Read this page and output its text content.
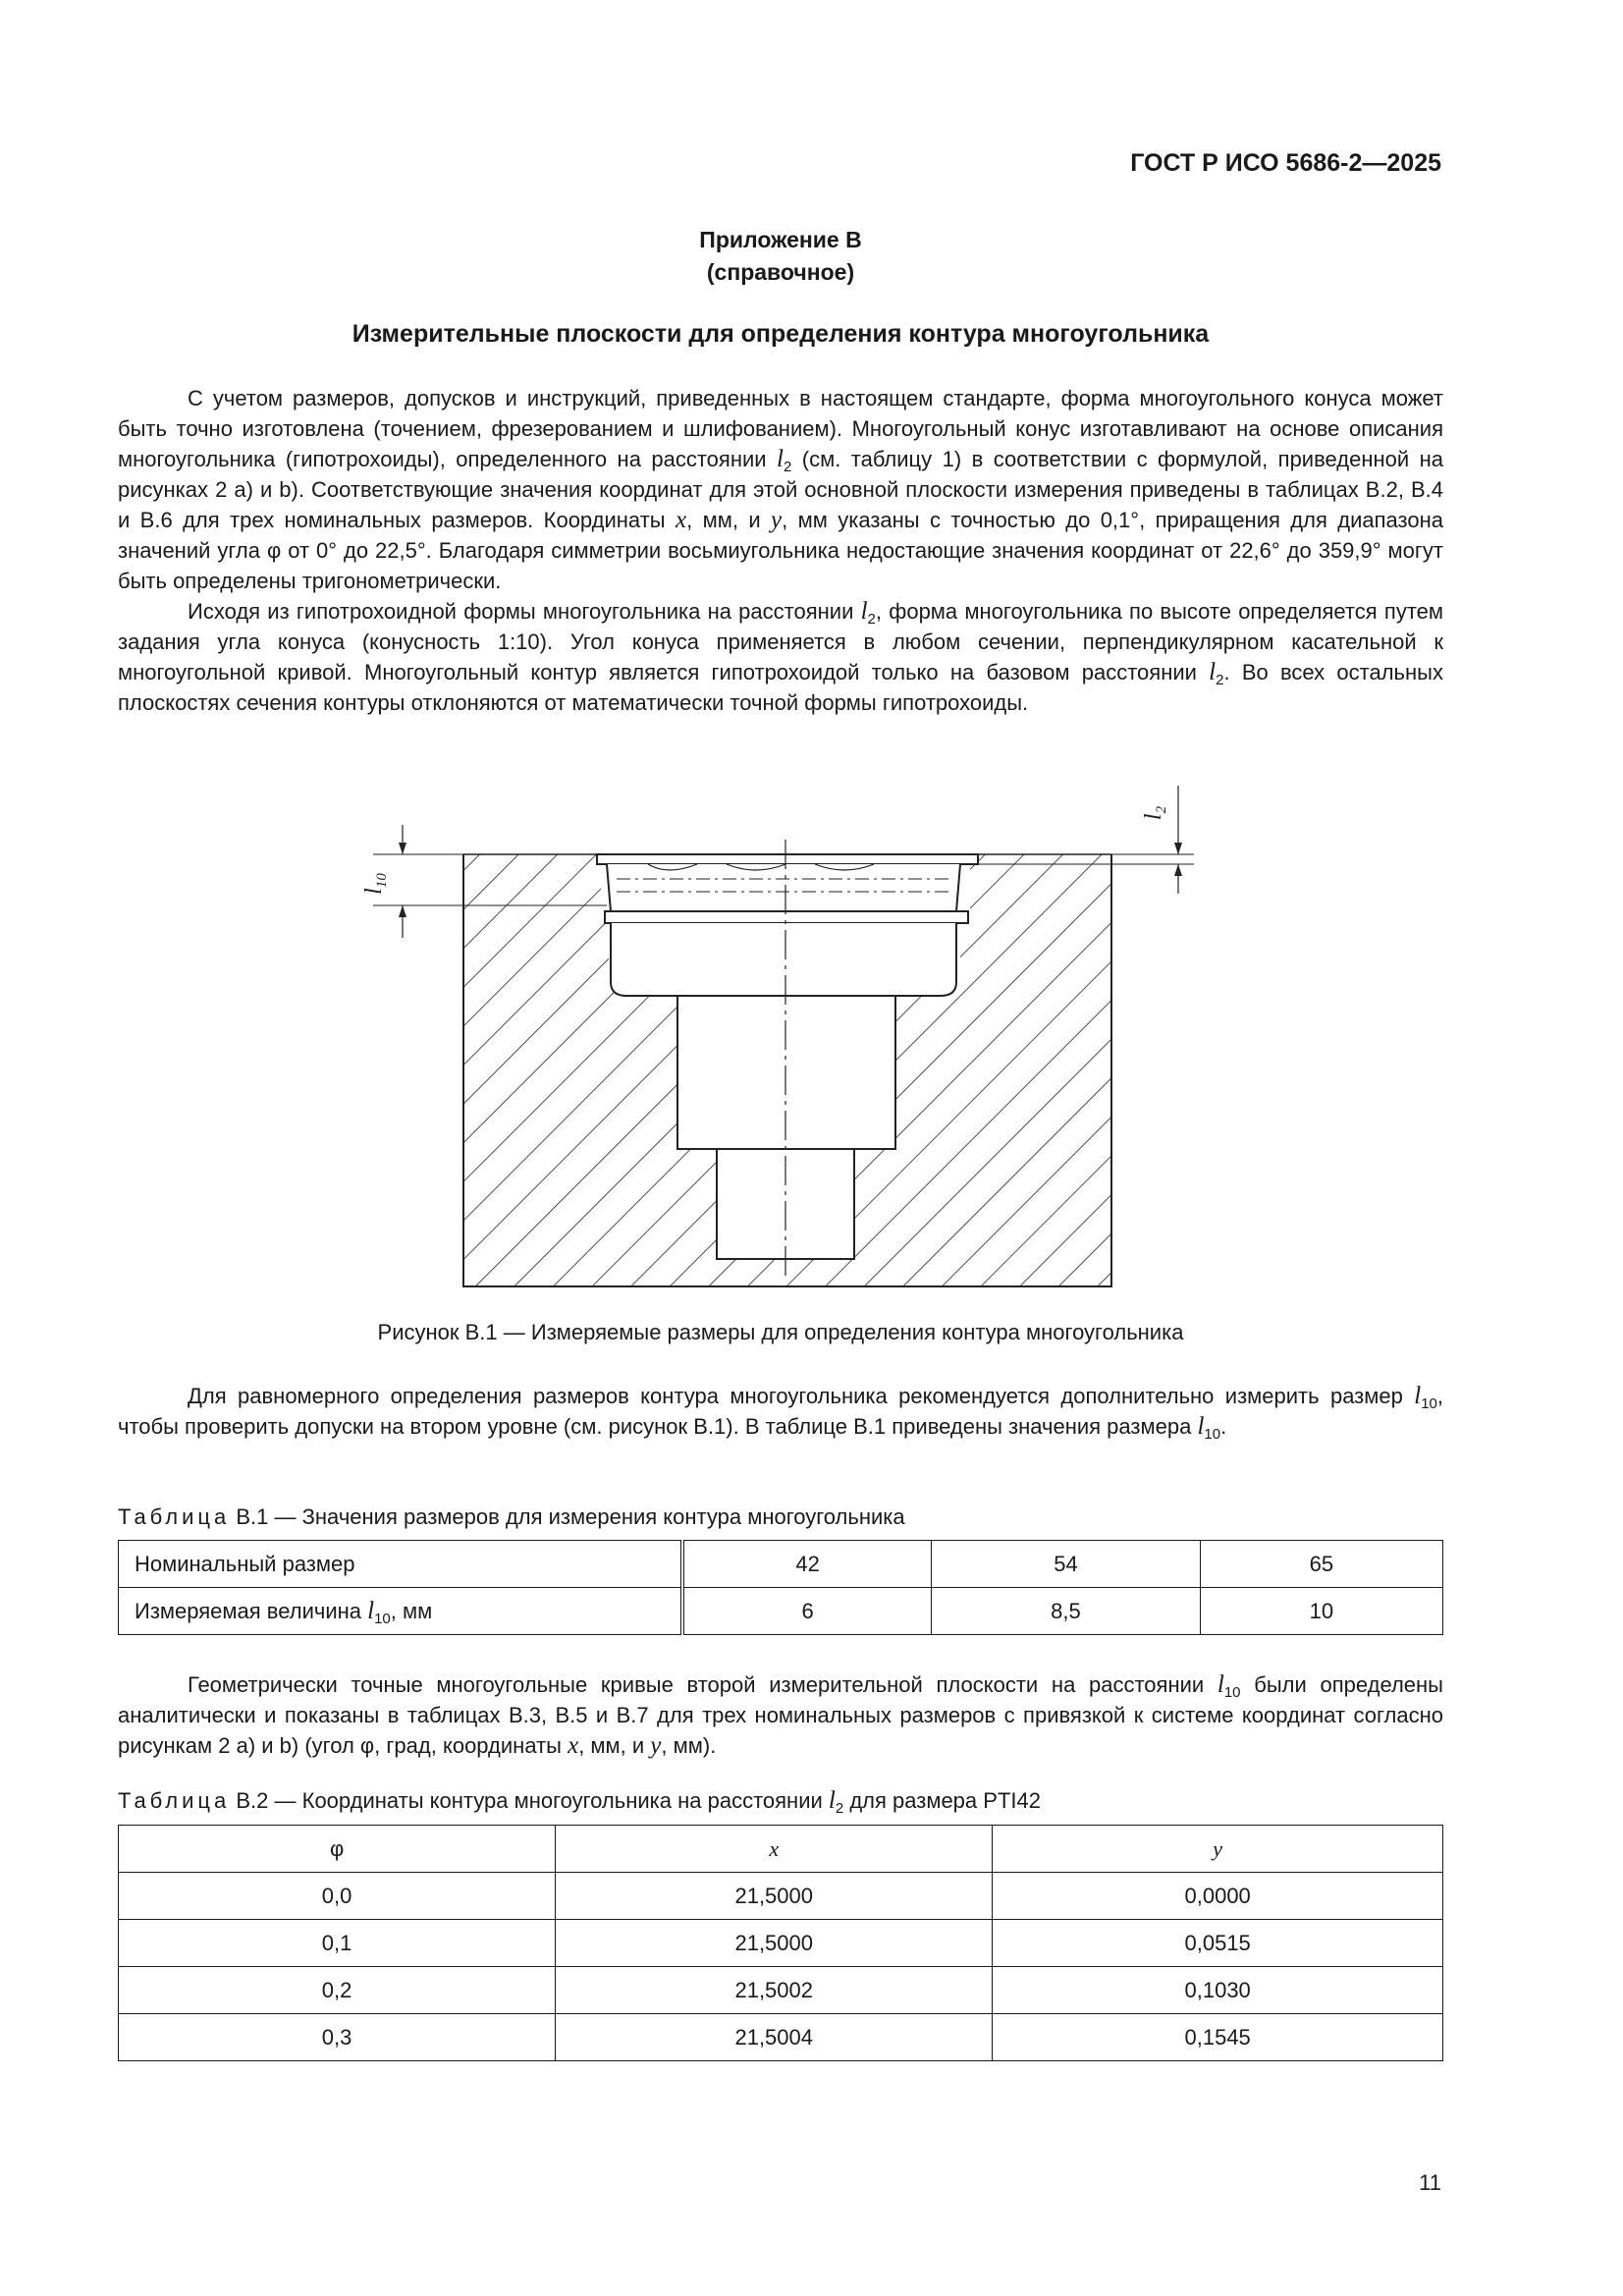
ГОСТ Р ИСО 5686-2—2025
Приложение В
(справочное)
Измерительные плоскости для определения контура многоугольника

С учетом размеров, допусков и инструкций, приведенных в настоящем стандарте, форма многоугольного конуса может быть точно изготовлена (точением, фрезерованием и шлифованием). Многоугольный конус изготавливают на основе описания многоугольника (гипотрохоиды), определенного на расстоянии $l_2$ (см. таблицу 1) в соответствии с формулой, приведенной на рисунках 2 a) и b). Соответствующие значения координат для этой основной плоскости измерения приведены в таблицах В.2, В.4 и В.6 для трех номинальных размеров. Координаты x, мм, и y, мм указаны с точностью до 0,1°, приращения для диапазона значений угла φ от 0° до 22,5°. Благодаря симметрии восьмиугольника недостающие значения координат от 22,6° до 359,9° могут быть определены тригонометрически.

Исходя из гипотрохоидной формы многоугольника на расстоянии $l_2$, форма многоугольника по высоте определяется путем задания угла конуса (конусность 1:10). Угол конуса применяется в любом сечении, перпендикулярном касательной к многоугольной кривой. Многоугольный контур является гипотрохоидой только на базовом расстоянии $l_2$. Во всех остальных плоскостях сечения контуры отклоняются от математически точной формы гипотрохоиды.

$l_{10}$
$l_2$
Рисунок В.1 — Измеряемые размеры для определения контура многоугольника

Для равномерного определения размеров контура многоугольника рекомендуется дополнительно измерить размер $l_{10}$, чтобы проверить допуски на втором уровне (см. рисунок В.1). В таблице В.1 приведены значения размера $l_{10}$.

Таблица В.1 — Значения размеров для измерения контура многоугольника
Номинальный размер	42	54	65
Измеряемая величина $l_{10}$, мм	6	8,5	10

Геометрически точные многоугольные кривые второй измерительной плоскости на расстоянии $l_{10}$ были определены аналитически и показаны в таблицах В.3, В.5 и В.7 для трех номинальных размеров с привязкой к системе координат согласно рисункам 2 a) и b) (угол φ, град, координаты x, мм, и y, мм).

Таблица В.2 — Координаты контура многоугольника на расстоянии $l_2$ для размера PTI42
φ	x	y
0,0	21,5000	0,0000
0,1	21,5000	0,0515
0,2	21,5002	0,1030
0,3	21,5004	0,1545
11
